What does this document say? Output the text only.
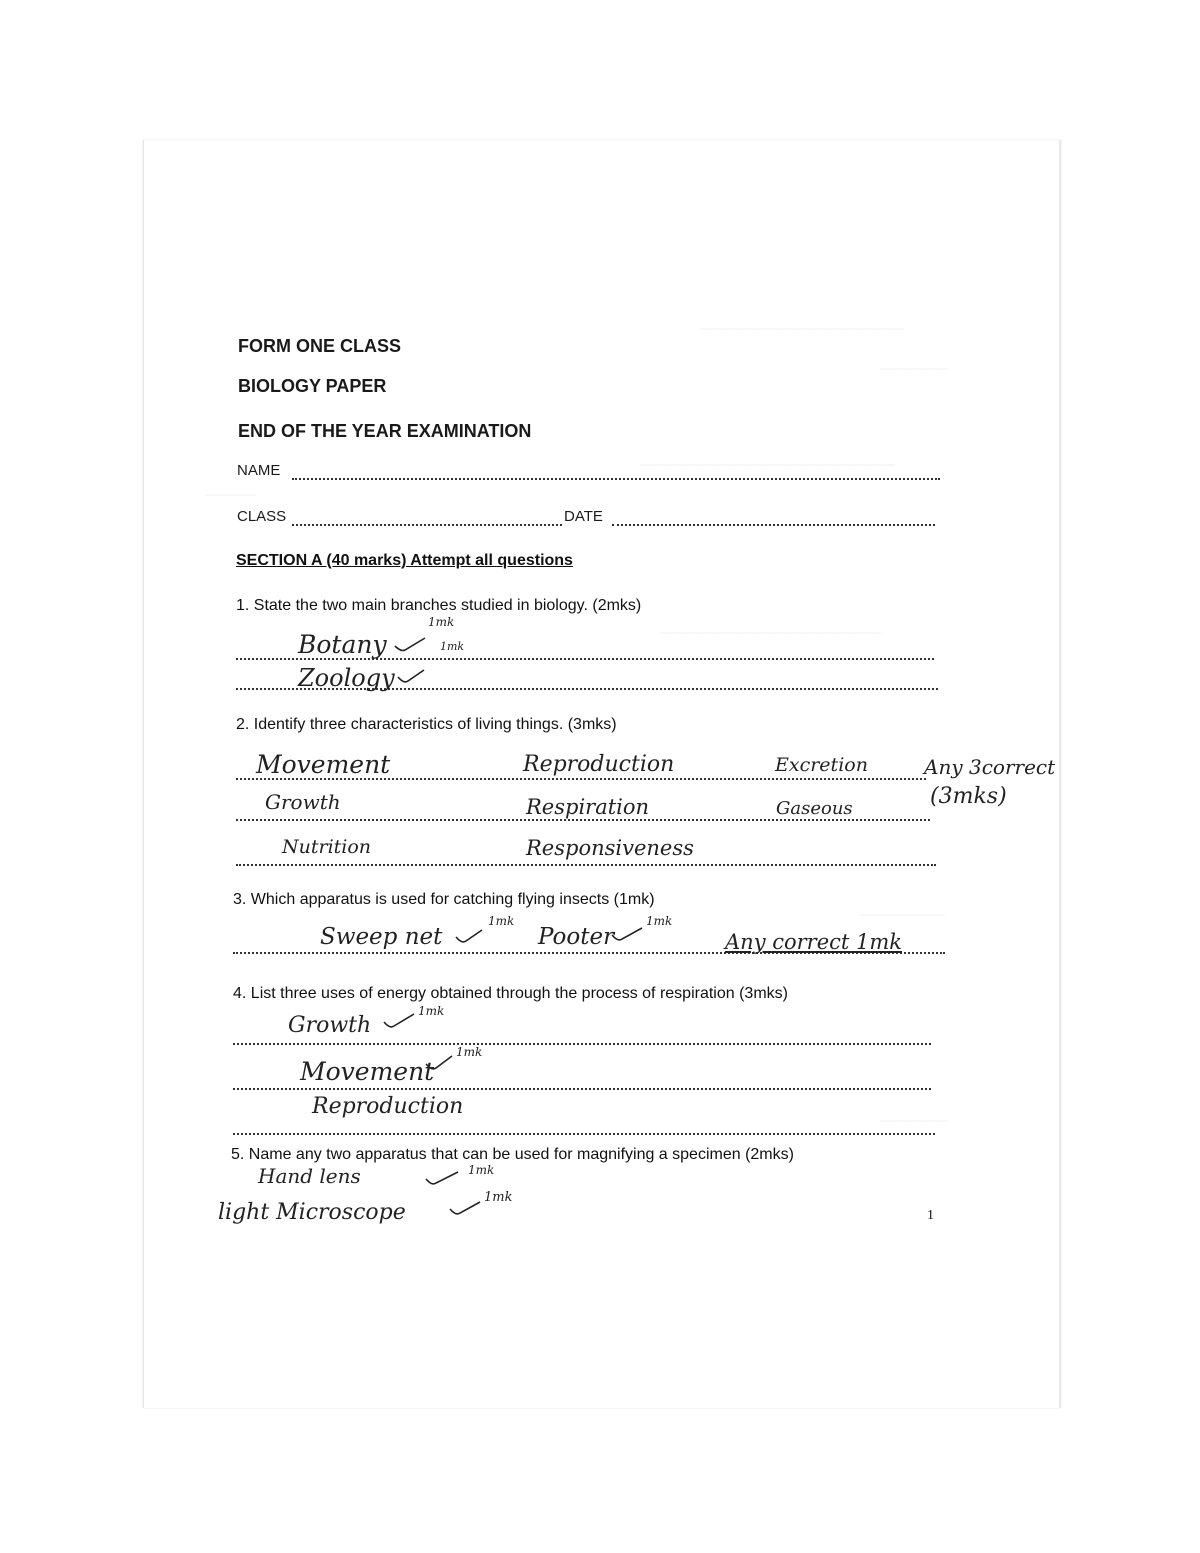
————————————
————
———————————————
———
—————————————
—————
————
FORM ONE CLASS
BIOLOGY PAPER
END OF THE YEAR EXAMINATION
NAME
CLASS	DATE
SECTION A (40 marks) Attempt all questions
1. State the two main branches studied in biology. (2mks)
Botany
1mk
1mk
Zoology
2. Identify three characteristics of living things. (3mks)
Movement	Reproduction	Excretion	Any 3correct
Growth	Respiration	Gaseous	(3mks)
Nutrition	Responsiveness
3. Which apparatus is used for catching flying insects (1mk)
Sweep net
1mk
Pooter
1mk
Any correct 1mk
4. List three uses of energy obtained through the process of respiration (3mks)
Growth
1mk
Movement
1mk
Reproduction
5. Name any two apparatus that can be used for magnifying a specimen (2mks)
Hand lens	1mk
light Microscope
1mk
1
